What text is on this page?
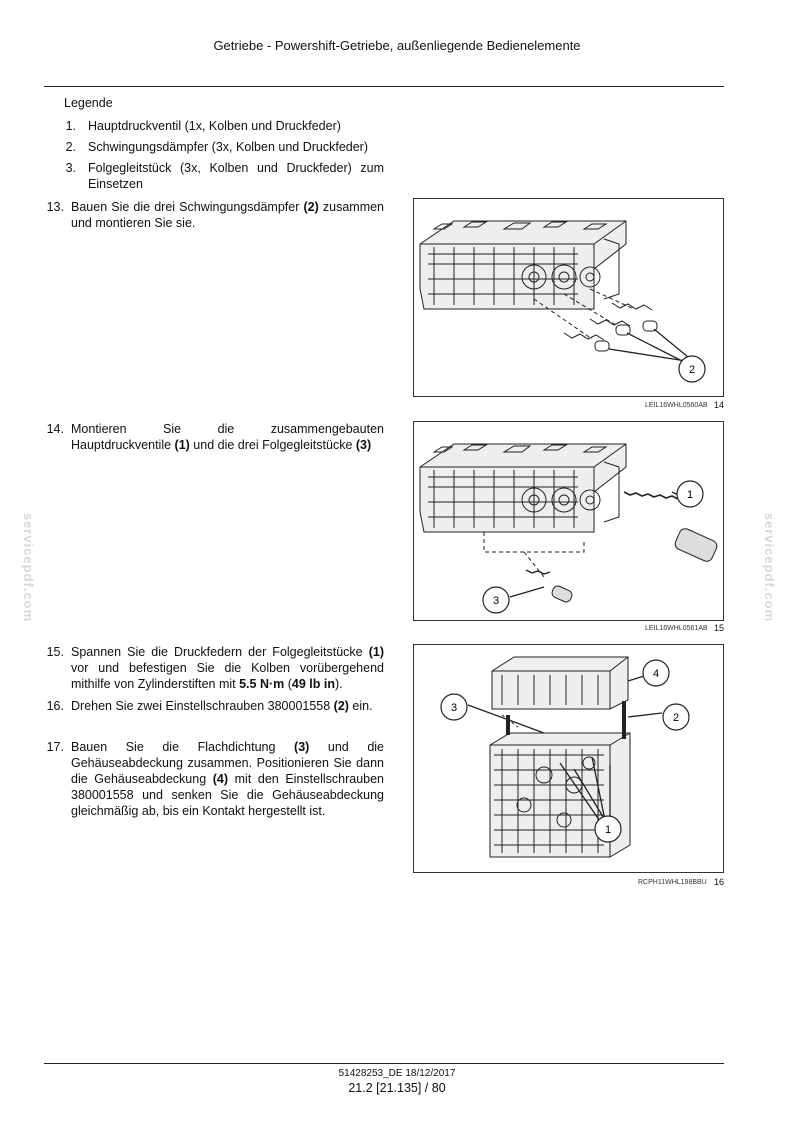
Getriebe - Powershift-Getriebe, außenliegende Bedienelemente
Legende
1. Hauptdruckventil (1x, Kolben und Druckfeder)
2. Schwingungsdämpfer (3x, Kolben und Druckfeder)
3. Folgegleitstück (3x, Kolben und Druckfeder) zum Einsetzen
13. Bauen Sie die drei Schwingungsdämpfer (2) zusammen und montieren Sie sie.
14. Montieren Sie die zusammengebauten Hauptdruckventile (1) und die drei Folgegleitstücke (3)
15. Spannen Sie die Druckfedern der Folgegleitstücke (1) vor und befestigen Sie die Kolben vorübergehend mithilfe von Zylinderstiften mit 5.5 N·m (49 lb in).
16. Drehen Sie zwei Einstellschrauben 380001558 (2) ein.
17. Bauen Sie die Flachdichtung (3) und die Gehäuseabdeckung zusammen. Positionieren Sie dann die Gehäuseabdeckung (4) mit den Einstellschrauben 380001558 und senken Sie die Gehäuseabdeckung gleichmäßig ab, bis ein Kontakt hergestellt ist.
2
LEIL16WHL0560AB 14
1
3
LEIL16WHL0561AB 15
4
3
2
1
RCPH11WHL198BBU 16
servicepdf.com	servicepdf.com
51428253_DE 18/12/2017
21.2 [21.135] / 80
